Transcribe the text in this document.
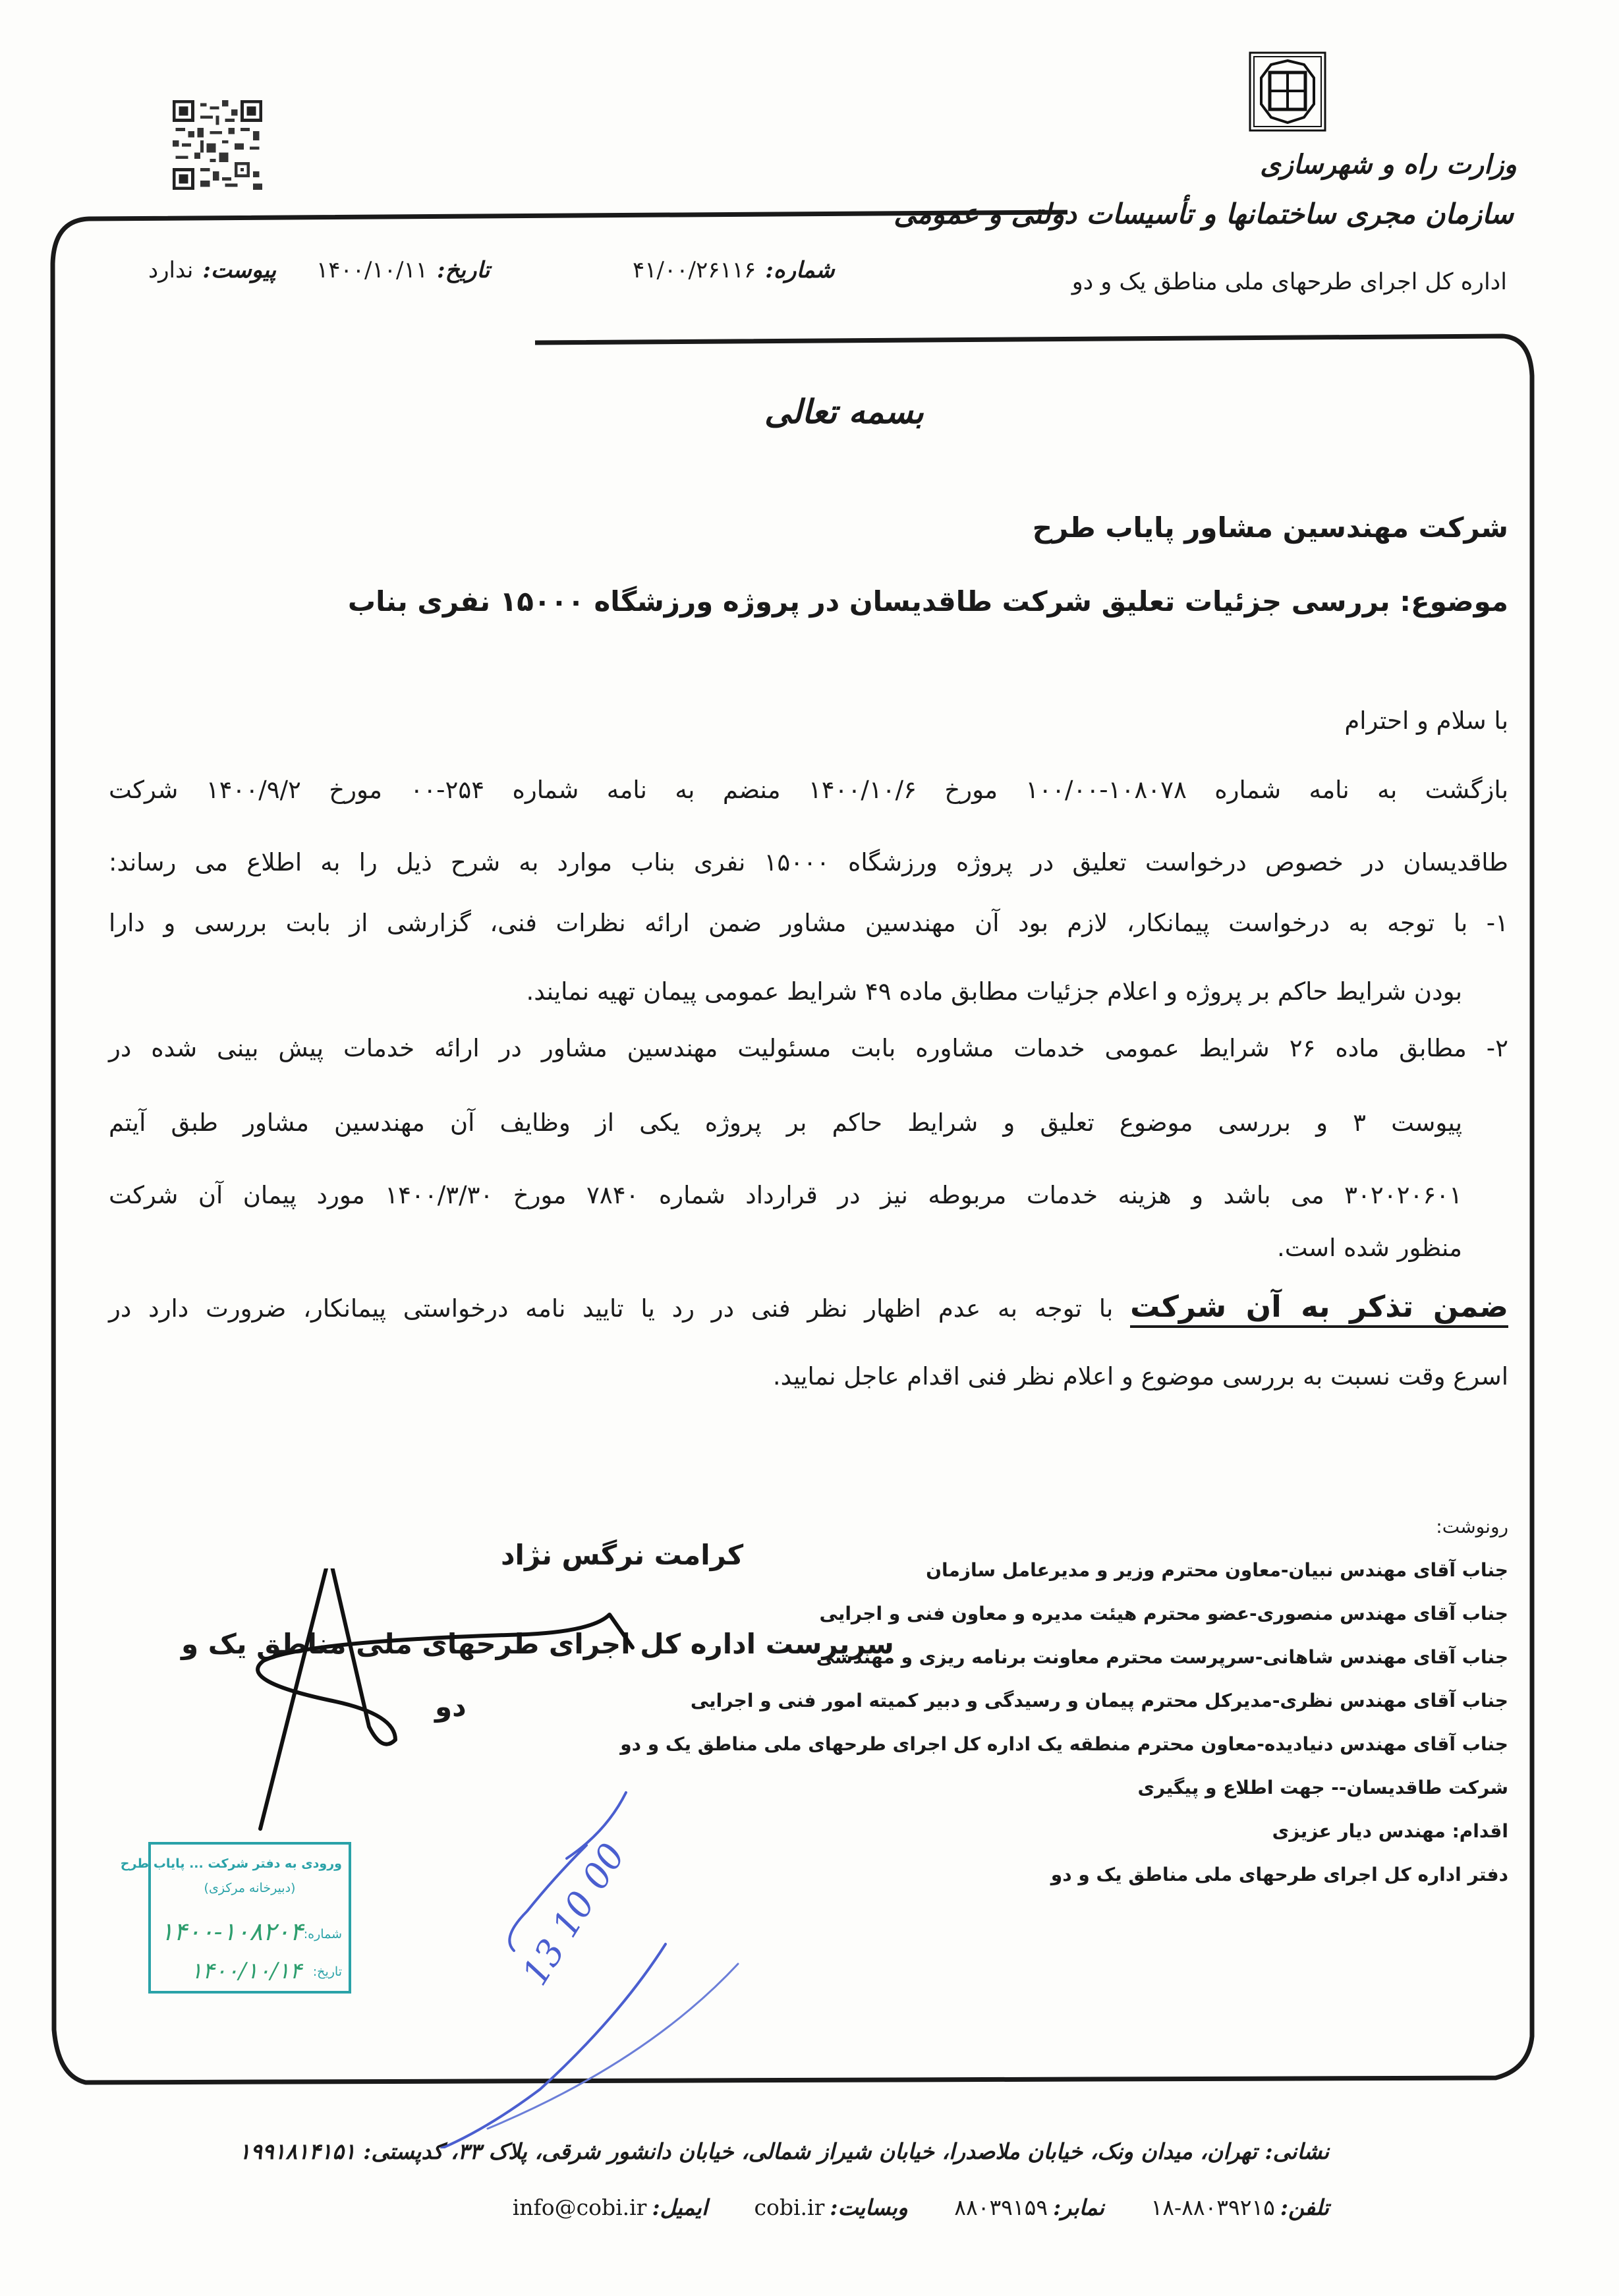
وزارت راه و شهرسازی
سازمان مجری ساختمانها و تأسیسات دولتی و عمومی
اداره کل اجرای طرحهای ملی مناطق یک و دو
شماره:۴۱/۰۰/۲۶۱۱۶
تاریخ:۱۴۰۰/۱۰/۱۱
پیوست:ندارد
بسمه تعالی
شرکت مهندسین مشاور پایاب طرح
موضوع: بررسی جزئیات تعلیق شرکت طاقدیسان در پروژه ورزشگاه ۱۵۰۰۰ نفری بناب
با سلام و احترام
بازگشت به نامه شماره ۱۰۸۰۷۸-۱۰۰/۰۰ مورخ ۱۴۰۰/۱۰/۶ منضم به نامه شماره ۲۵۴-۰۰ مورخ ۱۴۰۰/۹/۲ شرکت
طاقدیسان در خصوص درخواست تعلیق در پروژه ورزشگاه ۱۵۰۰۰ نفری بناب موارد به شرح ذیل را به اطلاع می رساند:
۱- با توجه به درخواست پیمانکار، لازم بود آن مهندسین مشاور ضمن ارائه نظرات فنی، گزارشی از بابت بررسی و دارا
بودن شرایط حاکم بر پروژه و اعلام جزئیات مطابق ماده ۴۹ شرایط عمومی پیمان تهیه نمایند.
۲- مطابق ماده ۲۶ شرایط عمومی خدمات مشاوره بابت مسئولیت مهندسین مشاور در ارائه خدمات پیش بینی شده در
پیوست ۳ و بررسی موضوع تعلیق و شرایط حاکم بر پروژه یکی از وظایف آن مهندسین مشاور طبق آیتم
۳۰۲۰۲۰۶۰۱ می باشد و هزینه خدمات مربوطه نیز در قرارداد شماره ۷۸۴۰ مورخ ۱۴۰۰/۳/۳۰ مورد پیمان آن شرکت
منظور شده است.
ضمن تذکر به آن شرکت با توجه به عدم اظهار نظر فنی در رد یا تایید نامه درخواستی پیمانکار، ضرورت دارد در
اسرع وقت نسبت به بررسی موضوع و اعلام نظر فنی اقدام عاجل نمایید.
کرامت نرگس نژاد
سرپرست اداره کل اجرای طرحهای ملی مناطق یک و
دو
رونوشت:
جناب آقای مهندس نبیان-معاون محترم وزیر و مدیرعامل سازمان
جناب آقای مهندس منصوری-عضو محترم هیئت مدیره و معاون فنی و اجرایی
جناب آقای مهندس شاهانی-سرپرست محترم معاونت برنامه ریزی و مهندسی
جناب آقای مهندس نظری-مدیرکل محترم پیمان و رسیدگی و دبیر کمیته امور فنی و اجرایی
جناب آقای مهندس دنیادیده-معاون محترم منطقه یک اداره کل اجرای طرحهای ملی مناطق یک و دو
شرکت طاقدیسان-- جهت اطلاع و پیگیری
اقدام: مهندس دیار عزیزی
دفتر اداره کل اجرای طرحهای ملی مناطق یک و دو
ورودی به دفتر شرکت ... پایاب طرح
(دبیرخانه مرکزی)
شماره:
تاریخ:
۱۴۰۰-۱۰۸۲۰۴
۱۴۰۰/۱۰/۱۴	13 10 00
نشانی: تهران، میدان ونک، خیابان ملاصدرا، خیابان شیراز شمالی، خیابان دانشور شرقی، پلاک ۳۳، کدپستی: ۱۹۹۱۸۱۴۱۵۱
تلفن:۸۸۰۳۹۲۱۵-۱۸ نمابر:۸۸۰۳۹۱۵۹ وبسایت:cobi.ir ایمیل:info@cobi.ir
